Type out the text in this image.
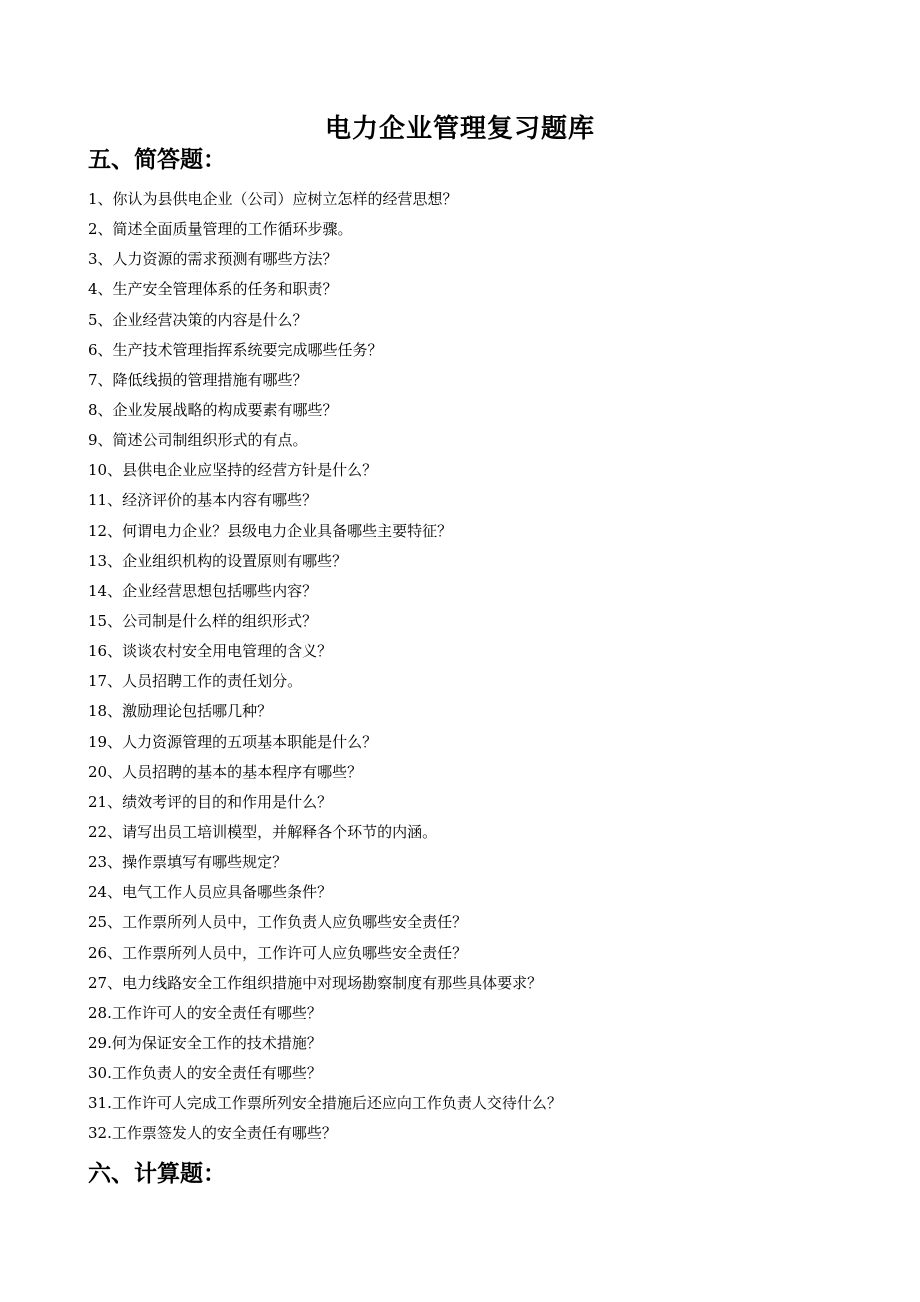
电力企业管理复习题库
五、简答题：
1、你认为县供电企业（公司）应树立怎样的经营思想？
2、简述全面质量管理的工作循环步骤。
3、人力资源的需求预测有哪些方法？
4、生产安全管理体系的任务和职责？
5、企业经营决策的内容是什么？
6、生产技术管理指挥系统要完成哪些任务？
7、降低线损的管理措施有哪些？
8、企业发展战略的构成要素有哪些？
9、简述公司制组织形式的有点。
10、县供电企业应坚持的经营方针是什么？
11、经济评价的基本内容有哪些？
12、何谓电力企业？县级电力企业具备哪些主要特征？
13、企业组织机构的设置原则有哪些？
14、企业经营思想包括哪些内容？
15、公司制是什么样的组织形式？
16、谈谈农村安全用电管理的含义？
17、人员招聘工作的责任划分。
18、激励理论包括哪几种？
19、人力资源管理的五项基本职能是什么？
20、人员招聘的基本的基本程序有哪些？
21、绩效考评的目的和作用是什么？
22、请写出员工培训模型，并解释各个环节的内涵。
23、操作票填写有哪些规定？
24、电气工作人员应具备哪些条件？
25、工作票所列人员中，工作负责人应负哪些安全责任？
26、工作票所列人员中，工作许可人应负哪些安全责任？
27、电力线路安全工作组织措施中对现场勘察制度有那些具体要求？
28.工作许可人的安全责任有哪些？
29.何为保证安全工作的技术措施？
30.工作负责人的安全责任有哪些？
31.工作许可人完成工作票所列安全措施后还应向工作负责人交待什么？
32.工作票签发人的安全责任有哪些？
六、计算题：
